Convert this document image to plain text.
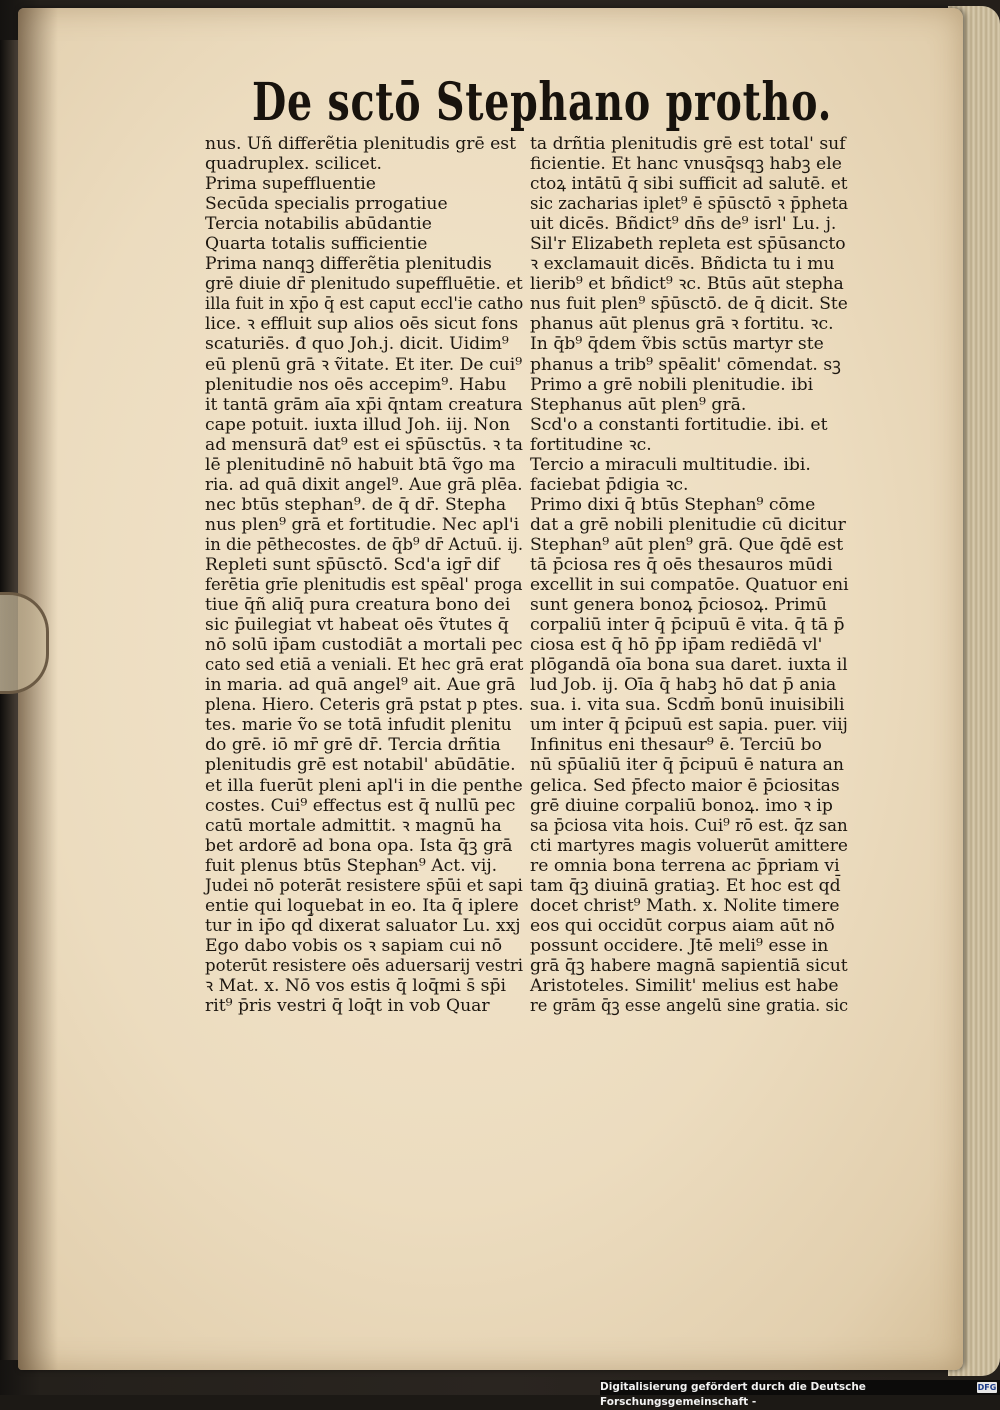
De sctō Stephano protho.
nus. Uñ differẽtia plenitudis grē est
quadruplex. scilicet.
Prima supeffluentie
Secūda specialis prrogatiue
Tercia notabilis abūdantie
Quarta totalis sufficientie
Prima nanqꝫ differẽtia plenitudis
grē diuie dr̄ plenitudo supeffluētie. et
illa fuit in xp̄o q̄ est caput eccl'ie catho
lice. ꝛ effluit sup alios oēs sicut fons
scaturiēs. đ quo Joh.j. dicit. Uidim⁹
eū plenū grā ꝛ ṽitate. Et iter. De cui⁹
plenitudie nos oēs accepim⁹. Habu
it tantā grām aīa xp̄i q̄ntam creatura
cape potuit. iuxta illud Joh. iij. Non
ad mensurā dat⁹ est ei sp̄ūsctūs. ꝛ ta
lē plenitudinē nō habuit btā ṽgo ma
ria. ad quā dixit angel⁹. Aue grā plēa.
nec btūs stephan⁹. de q̄ dr̄. Stepha
nus plen⁹ grā et fortitudie. Nec apl'i
in die pēthecostes. de q̄b⁹ dr̄ Actuū. ij.
Repleti sunt sp̄ūsctō. Scd'a igr̄ dif
ferētia grīe plenitudis est spēal' proga
tiue q̄ñ aliq̄ pura creatura bono dei
sic p̄uilegiat vt habeat oēs ṽtutes q̄
nō solū ip̄am custodiāt a mortali pec
cato sed etiā a veniali. Et hec grā erat
in maria. ad quā angel⁹ ait. Aue grā
plena. Hiero. Ceteris grā pstat p ptes.
tes. marie ṽo se totā infudit plenitu
do grē. iō mr̄ grē dr̄. Tercia drñtia
plenitudis grē est notabil' abūdātie.
et illa fuerūt pleni apl'i in die penthe
costes. Cui⁹ effectus est q̄ nullū pec
catū mortale admittit. ꝛ magnū ha
bet ardorē ad bona opa. Ista q̄ꝫ grā
fuit plenus btūs Stephan⁹ Act. vij.
Judei nō poterāt resistere sp̄ūi et sapi
entie qui loquebat in eo. Ita q̄ iplere
tur in ip̄o qd̄ dixerat saluator Lu. xxj
Ego dabo vobis os ꝛ sapiam cui nō
poterūt resistere oēs aduersarij vestri
ꝛ Mat. x. Nō vos estis q̄ loq̄mi s̄ sp̄i
rit⁹ p̄ris vestri q̄ loq̄t in vob Quar
ta drñtia plenitudis grē est total' suf
ficientie. Et hanc vnusq̄sqꝫ habꝫ ele
ctoꝝ intātū q̄ sibi sufficit ad salutē. et
sic zacharias iplet⁹ ē sp̄ūsctō ꝛ p̄pheta
uit dicēs. Bñdict⁹ dn̄s de⁹ isrl' Lu. j.
Sil'r Elizabeth repleta est sp̄ūsancto
ꝛ exclamauit dicēs. Bñdicta tu i mu
lierib⁹ et bñdict⁹ ꝛc. Btūs aūt stepha
nus fuit plen⁹ sp̄ūsctō. de q̄ dicit. Ste
phanus aūt plenus grā ꝛ fortitu. ꝛc.
In q̄b⁹ q̄dem ṽbis sctūs martyr ste
phanus a trib⁹ spēalit' cōmendat. sꝫ
Primo a grē nobili plenitudie. ibi
Stephanus aūt plen⁹ grā.
Scd'o a constanti fortitudie. ibi. et
fortitudine ꝛc.
Tercio a miraculi multitudie. ibi.
faciebat p̄digia ꝛc.
Primo dixi q̄ btūs Stephan⁹ cōme
dat a grē nobili plenitudie cū dicitur
Stephan⁹ aūt plen⁹ grā. Que q̄dē est
tā p̄ciosa res q̄ oēs thesauros mūdi
excellit in sui compatōe. Quatuor eni
sunt genera bonoꝝ p̄ciosoꝝ. Primū
corpaliū inter q̄ p̄cipuū ē vita. q̄ tā p̄
ciosa est q̄ hō p̄p ip̄am rediēdā vl'
plōgandā oīa bona sua daret. iuxta il
lud Job. ij. Oīa q̄ habꝫ hō dat p̄ ania
sua. i. vita sua. Scdm̄ bonū inuisibili
um inter q̄ p̄cipuū est sapia. puer. viij
Infinitus eni thesaur⁹ ē. Terciū bo
nū sp̄ūaliū iter q̄ p̄cipuū ē natura an
gelica. Sed p̄fecto maior ē p̄ciositas
grē diuine corpaliū bonoꝝ. imo ꝛ ip
sa p̄ciosa vita hois. Cui⁹ rō est. q̄z san
cti martyres magis voluerūt amittere
re omnia bona terrena ac p̄priam vi
tam q̄ꝫ diuinā gratiaꝫ. Et hoc est qd̄
docet christ⁹ Math. x. Nolite timere
eos qui occidūt corpus aiam aūt nō
possunt occidere. Jtē meli⁹ esse in
grā q̄ꝫ habere magnā sapientiā sicut
Aristoteles. Similit' melius est habe
re grām q̄ꝫ esse angelū sine gratia. sic
Digitalisierung gefördert durch die Deutsche Forschungsgemeinschaft -
DFG
